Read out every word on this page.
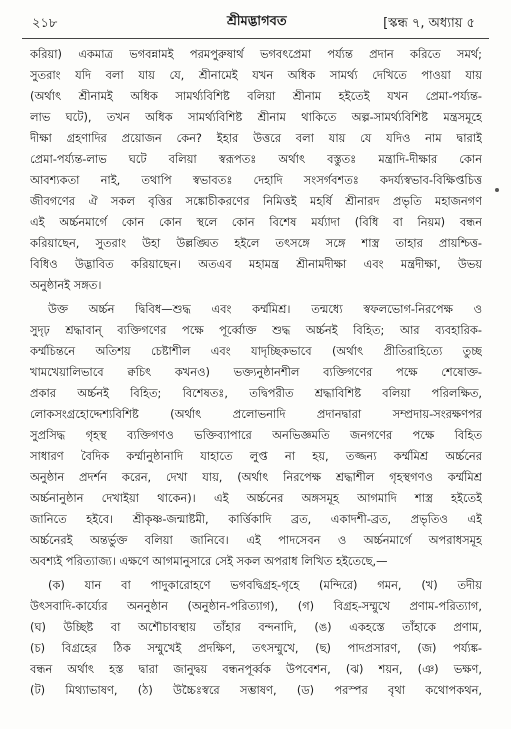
২১৮	শ্রীমদ্ভাগবত	[স্কন্ধ ৭, অধ্যায় ৫
করিয়া) একমাত্র ভগবন্নামই পরমপুরুষার্থ ভগবৎপ্রেমা পর্য্যন্ত প্রদান করিতে সমর্থ;
সুতরাং যদি বলা যায় যে, শ্রীনামেই যখন অধিক সামর্থ্য দেখিতে পাওয়া যায়
(অর্থাৎ শ্রীনামই অধিক সামর্থ্যবিশিষ্ট বলিয়া শ্রীনাম হইতেই যখন প্রেমা-পর্য্যন্ত-
লাভ ঘটে), তখন অধিক সামর্থ্যবিশিষ্ট শ্রীনাম থাকিতে অল্প-সামর্থ্যবিশিষ্ট মন্ত্রসমূহে
দীক্ষা গ্রহণাদির প্রয়োজন কেন? ইহার উত্তরে বলা যায় যে যদিও নাম দ্বারাই
প্রেমা-পর্য্যন্ত-লাভ ঘটে বলিয়া স্বরূপতঃ অর্থাৎ বস্তুতঃ মন্ত্রাদি-দীক্ষার কোন
আবশ্যকতা নাই, তথাপি স্বভাবতঃ দেহাদি সংসর্গবশতঃ কদর্য্যস্বভাব-বিক্ষিপ্তচিত্ত
জীবগণের ঐ সকল বৃত্তির সঙ্কোচীকরণের নিমিত্তই মহর্ষি শ্রীনারদ প্রভৃতি মহাজনগণ
এই অর্চ্চনমার্গে কোন কোন স্থলে কোন বিশেষ মর্য্যাদা (বিধি বা নিয়ম) বন্ধন
করিয়াছেন, সুতরাং উহা উল্লঙ্ঘিত হইলে তৎসঙ্গে সঙ্গে শাস্ত্র তাহার প্রায়শ্চিত্ত-
বিধিও উদ্ভাবিত করিয়াছেন। অতএব মহামন্ত্র শ্রীনামদীক্ষা এবং মন্ত্রদীক্ষা, উভয়
অনুষ্ঠানই সঙ্গত।
উক্ত অর্চ্চন দ্বিবিধ—শুদ্ধ এবং কর্ম্মমিশ্র। তন্মধ্যে স্বফলভোগ-নিরপেক্ষ ও
সুদৃঢ় শ্রদ্ধাবান্ ব্যক্তিগণের পক্ষে পূর্ব্বোক্ত শুদ্ধ অর্চ্চনই বিহিত; আর ব্যবহারিক-
কর্ম্মচিন্তনে অতিশয় চেষ্টাশীল এবং যাদৃচ্ছিকভাবে (অর্থাৎ প্রীতিরাহিত্যে তুচ্ছ
খামখেয়ালিভাবে ক্বচিৎ কখনও) ভক্ত্যনুষ্ঠানশীল ব্যক্তিগণের পক্ষে শেষোক্ত-
প্রকার অর্চ্চনই বিহিত; বিশেষতঃ, তদ্বিপরীত শ্রদ্ধাবিশিষ্ট বলিয়া পরিলক্ষিত,
লোকসংগ্রহোদ্দেশ্যবিশিষ্ট (অর্থাৎ প্রলোভনাদি প্রদানদ্বারা সম্প্রদায়-সংরক্ষণপর
সুপ্রসিদ্ধ গৃহস্থ ব্যক্তিগণও ভক্তিব্যাপারে অনভিজ্ঞমতি জনগণের পক্ষে বিহিত
সাধারণ বৈদিক কর্ম্মানুষ্ঠানাদি যাহাতে লুপ্ত না হয়, তজ্জন্য কর্ম্মমিশ্র অর্চ্চনের
অনুষ্ঠান প্রদর্শন করেন, দেখা যায়, (অর্থাৎ নিরপেক্ষ শ্রদ্ধাশীল গৃহস্থগণও কর্ম্মমিশ্র
অর্চ্চনানুষ্ঠান দেখাইয়া থাকেন)। এই অর্চ্চনের অঙ্গসমূহ আগমাদি শাস্ত্র হইতেই
জানিতে হইবে। শ্রীকৃষ্ণ-জন্মাষ্টমী, কার্ত্তিকাদি ব্রত, একাদশী-ব্রত, প্রভৃতিও এই
অর্চ্চনেরই অন্তর্ভুক্ত বলিয়া জানিবে। এই পাদসেবন ও অর্চ্চনমার্গে অপরাধসমূহ
অবশ্যই পরিত্যাজ্য। এক্ষণে আগমানুসারে সেই সকল অপরাধ লিখিত হইতেছে,—
(ক) যান বা পাদুকারোহণে ভগবদ্বিগ্রহ-গৃহে (মন্দিরে) গমন, (খ) তদীয়
উৎসবাদি-কার্য্যের অননুষ্ঠান (অনুষ্ঠান-পরিত্যাগ), (গ) বিগ্রহ-সম্মুখে প্রণাম-পরিত্যাগ,
(ঘ) উচ্ছিষ্ট বা অশৌচাবস্থায় তাঁহার বন্দনাদি, (ঙ) একহস্তে তাঁহাকে প্রণাম,
(চ) বিগ্রহের ঠিক সম্মুখেই প্রদক্ষিণ, তৎসম্মুখে, (ছ) পাদপ্রসারণ, (জ) পর্য্যঙ্ক-
বন্ধন অর্থাৎ হস্ত দ্বারা জানুদ্বয় বন্ধনপূর্ব্বক উপবেশন, (ঝ) শয়ন, (ঞ) ভক্ষণ,
(ট) মিথ্যাভাষণ, (ঠ) উচ্চৈঃস্বরে সম্ভাষণ, (ড) পরস্পর বৃথা কথোপকথন,
